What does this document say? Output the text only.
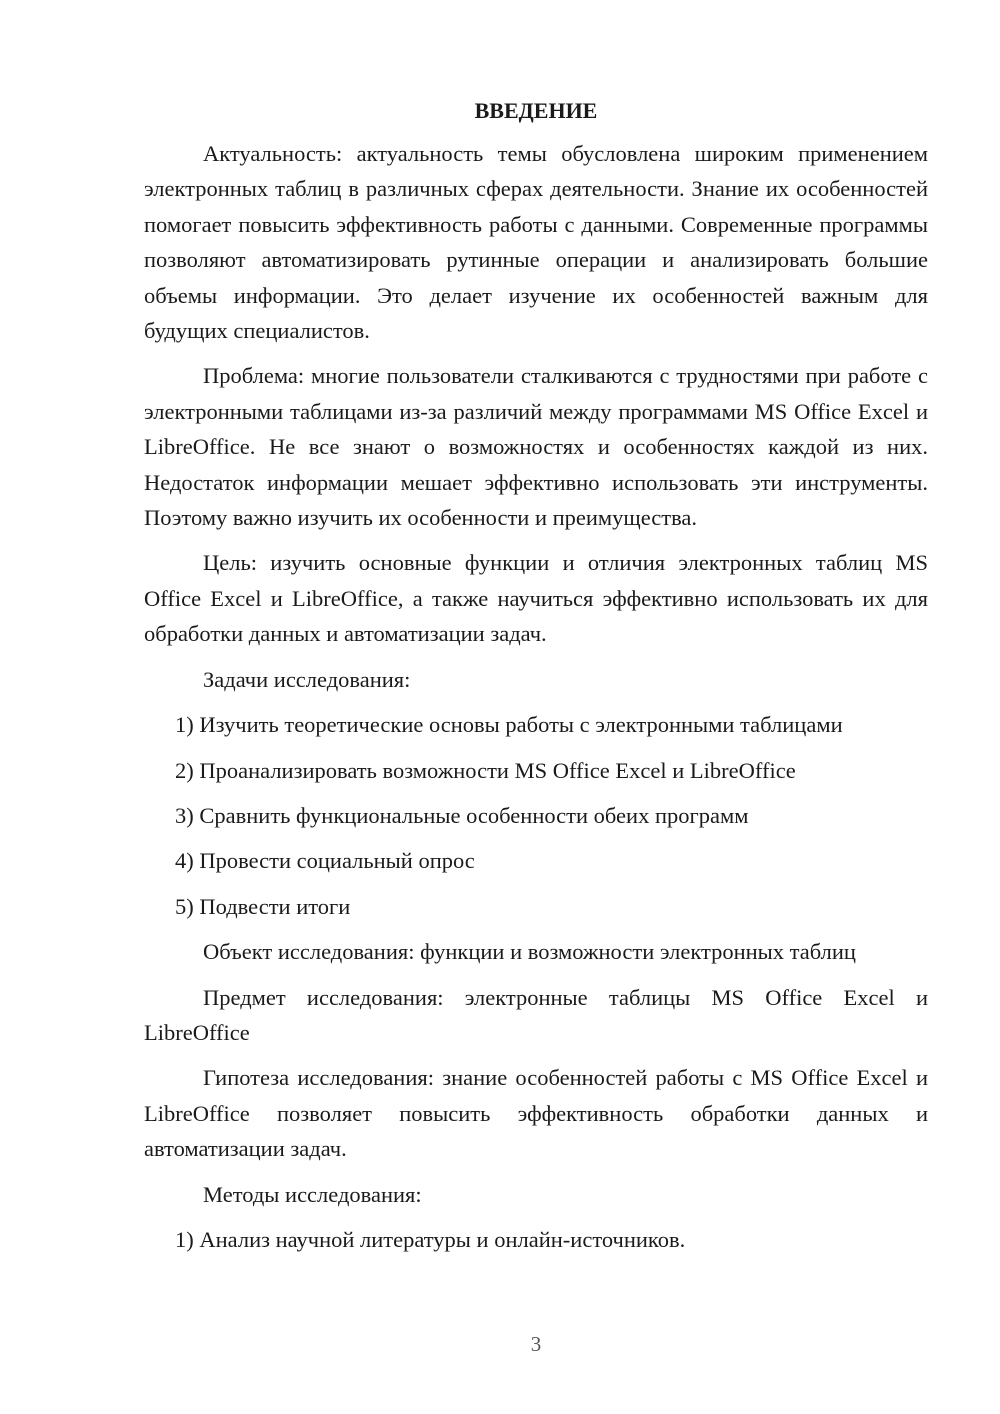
ВВЕДЕНИЕ

Актуальность: актуальность темы обусловлена широким применением электронных таблиц в различных сферах деятельности. Знание их особенностей помогает повысить эффективность работы с данными. Современные программы позволяют автоматизировать рутинные операции и анализировать большие объемы информации. Это делает изучение их особенностей важным для будущих специалистов.

Проблема: многие пользователи сталкиваются с трудностями при работе с электронными таблицами из-за различий между программами MS Office Excel и LibreOffice. Не все знают о возможностях и особенностях каждой из них. Недостаток информации мешает эффективно использовать эти инструменты. Поэтому важно изучить их особенности и преимущества.

Цель: изучить основные функции и отличия электронных таблиц MS Office Excel и LibreOffice, а также научиться эффективно использовать их для обработки данных и автоматизации задач.

Задачи исследования:

1) Изучить теоретические основы работы с электронными таблицами
2) Проанализировать возможности MS Office Excel и LibreOffice
3) Сравнить функциональные особенности обеих программ
4) Провести социальный опрос
5) Подвести итоги

Объект исследования: функции и возможности электронных таблиц

Предмет исследования: электронные таблицы MS Office Excel и LibreOffice

Гипотеза исследования: знание особенностей работы с MS Office Excel и LibreOffice позволяет повысить эффективность обработки данных и автоматизации задач.

Методы исследования:

1) Анализ научной литературы и онлайн-источников.
3
